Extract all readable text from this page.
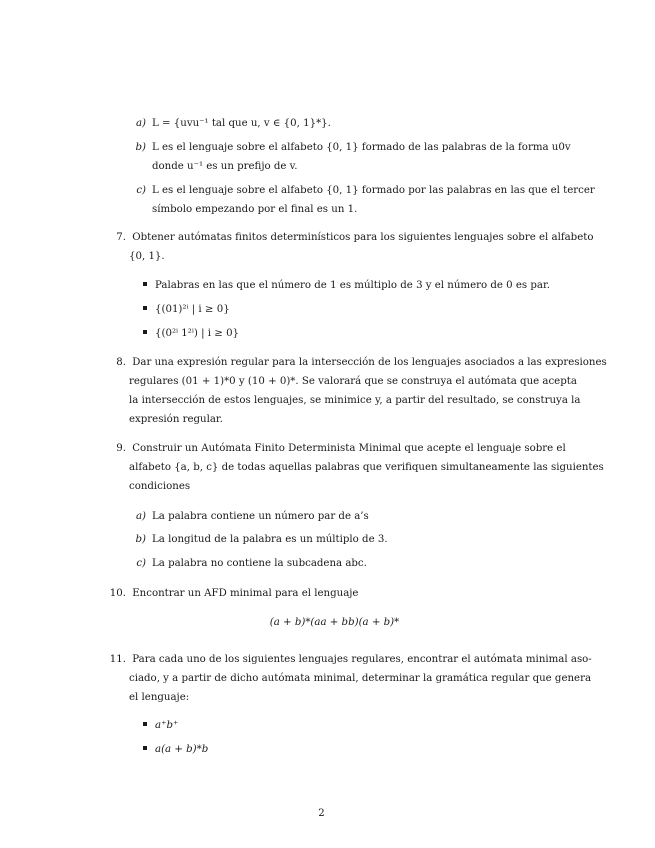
a) L = {uvu⁻¹ tal que u, v ∈ {0, 1}*}.
b) L es el lenguaje sobre el alfabeto {0, 1} formado de las palabras de la forma u0v
donde u⁻¹ es un prefijo de v.
c) L es el lenguaje sobre el alfabeto {0, 1} formado por las palabras en las que el tercer
símbolo empezando por el final es un 1.
7. Obtener autómatas finitos determinísticos para los siguientes lenguajes sobre el alfabeto
{0, 1}.
Palabras en las que el número de 1 es múltiplo de 3 y el número de 0 es par.
{(01)²ⁱ | i ≥ 0}
{(0²ⁱ 1²ⁱ) | i ≥ 0}
8. Dar una expresión regular para la intersección de los lenguajes asociados a las expresiones
regulares (01 + 1)*0 y (10 + 0)*. Se valorará que se construya el autómata que acepta
la intersección de estos lenguajes, se minimice y, a partir del resultado, se construya la
expresión regular.
9. Construir un Autómata Finito Determinista Minimal que acepte el lenguaje sobre el
alfabeto {a, b, c} de todas aquellas palabras que verifiquen simultaneamente las siguientes
condiciones
a) La palabra contiene un número par de a’s
b) La longitud de la palabra es un múltiplo de 3.
c) La palabra no contiene la subcadena abc.
10. Encontrar un AFD minimal para el lenguaje
(a + b)*(aa + bb)(a + b)*
11. Para cada uno de los siguientes lenguajes regulares, encontrar el autómata minimal aso-
ciado, y a partir de dicho autómata minimal, determinar la gramática regular que genera
el lenguaje:
a⁺b⁺
a(a + b)*b
2
